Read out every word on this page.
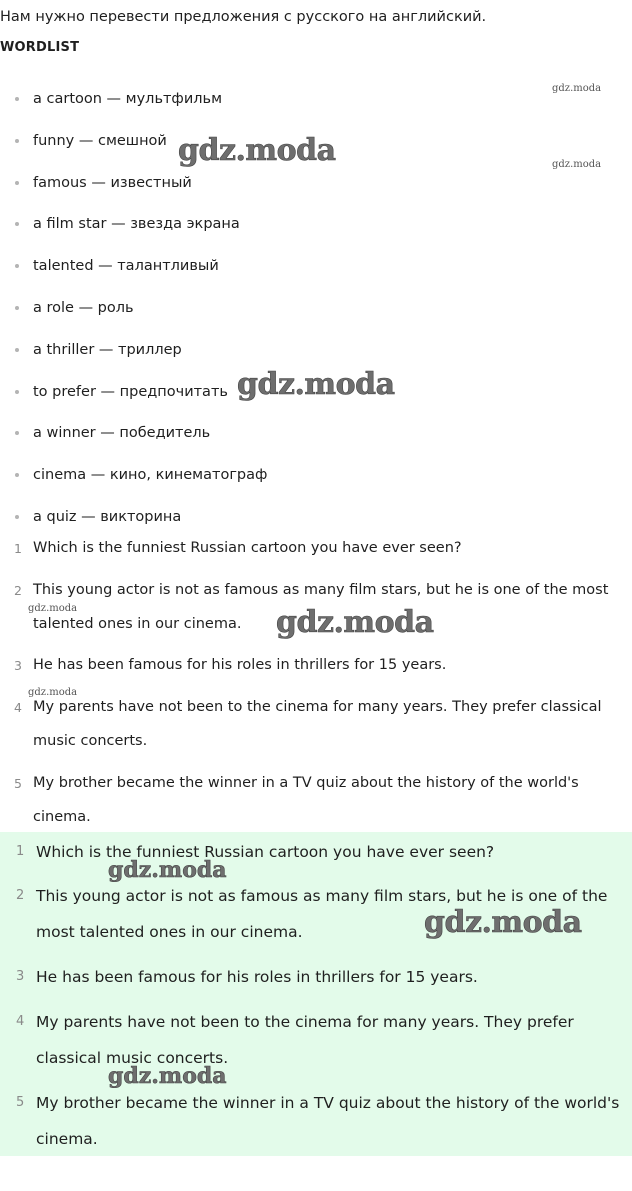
Нам нужно перевести предложения с русского на английский.
WORDLIST
a cartoon — мультфильм
funny — смешной
famous — известный
a film star — звезда экрана
talented — талантливый
a role — роль
a thriller — триллер
to prefer — предпочитать
a winner — победитель
cinema — кино, кинематограф
a quiz — викторина
1 Which is the funniest Russian cartoon you have ever seen?
2 This young actor is not as famous as many film stars, but he is one of the most talented ones in our cinema.
3 He has been famous for his roles in thrillers for 15 years.
4 My parents have not been to the cinema for many years. They prefer classical music concerts.
5 My brother became the winner in a TV quiz about the history of the world's cinema.
1 Which is the funniest Russian cartoon you have ever seen?
2 This young actor is not as famous as many film stars, but he is one of the most talented ones in our cinema.
3 He has been famous for his roles in thrillers for 15 years.
4 My parents have not been to the cinema for many years. They prefer classical music concerts.
5 My brother became the winner in a TV quiz about the history of the world's cinema.
gdz.moda
gdz.moda	gdz.moda
gdz.moda
gdz.moda	gdz.moda
gdz.moda
gdz.moda
gdz.moda
gdz.moda
